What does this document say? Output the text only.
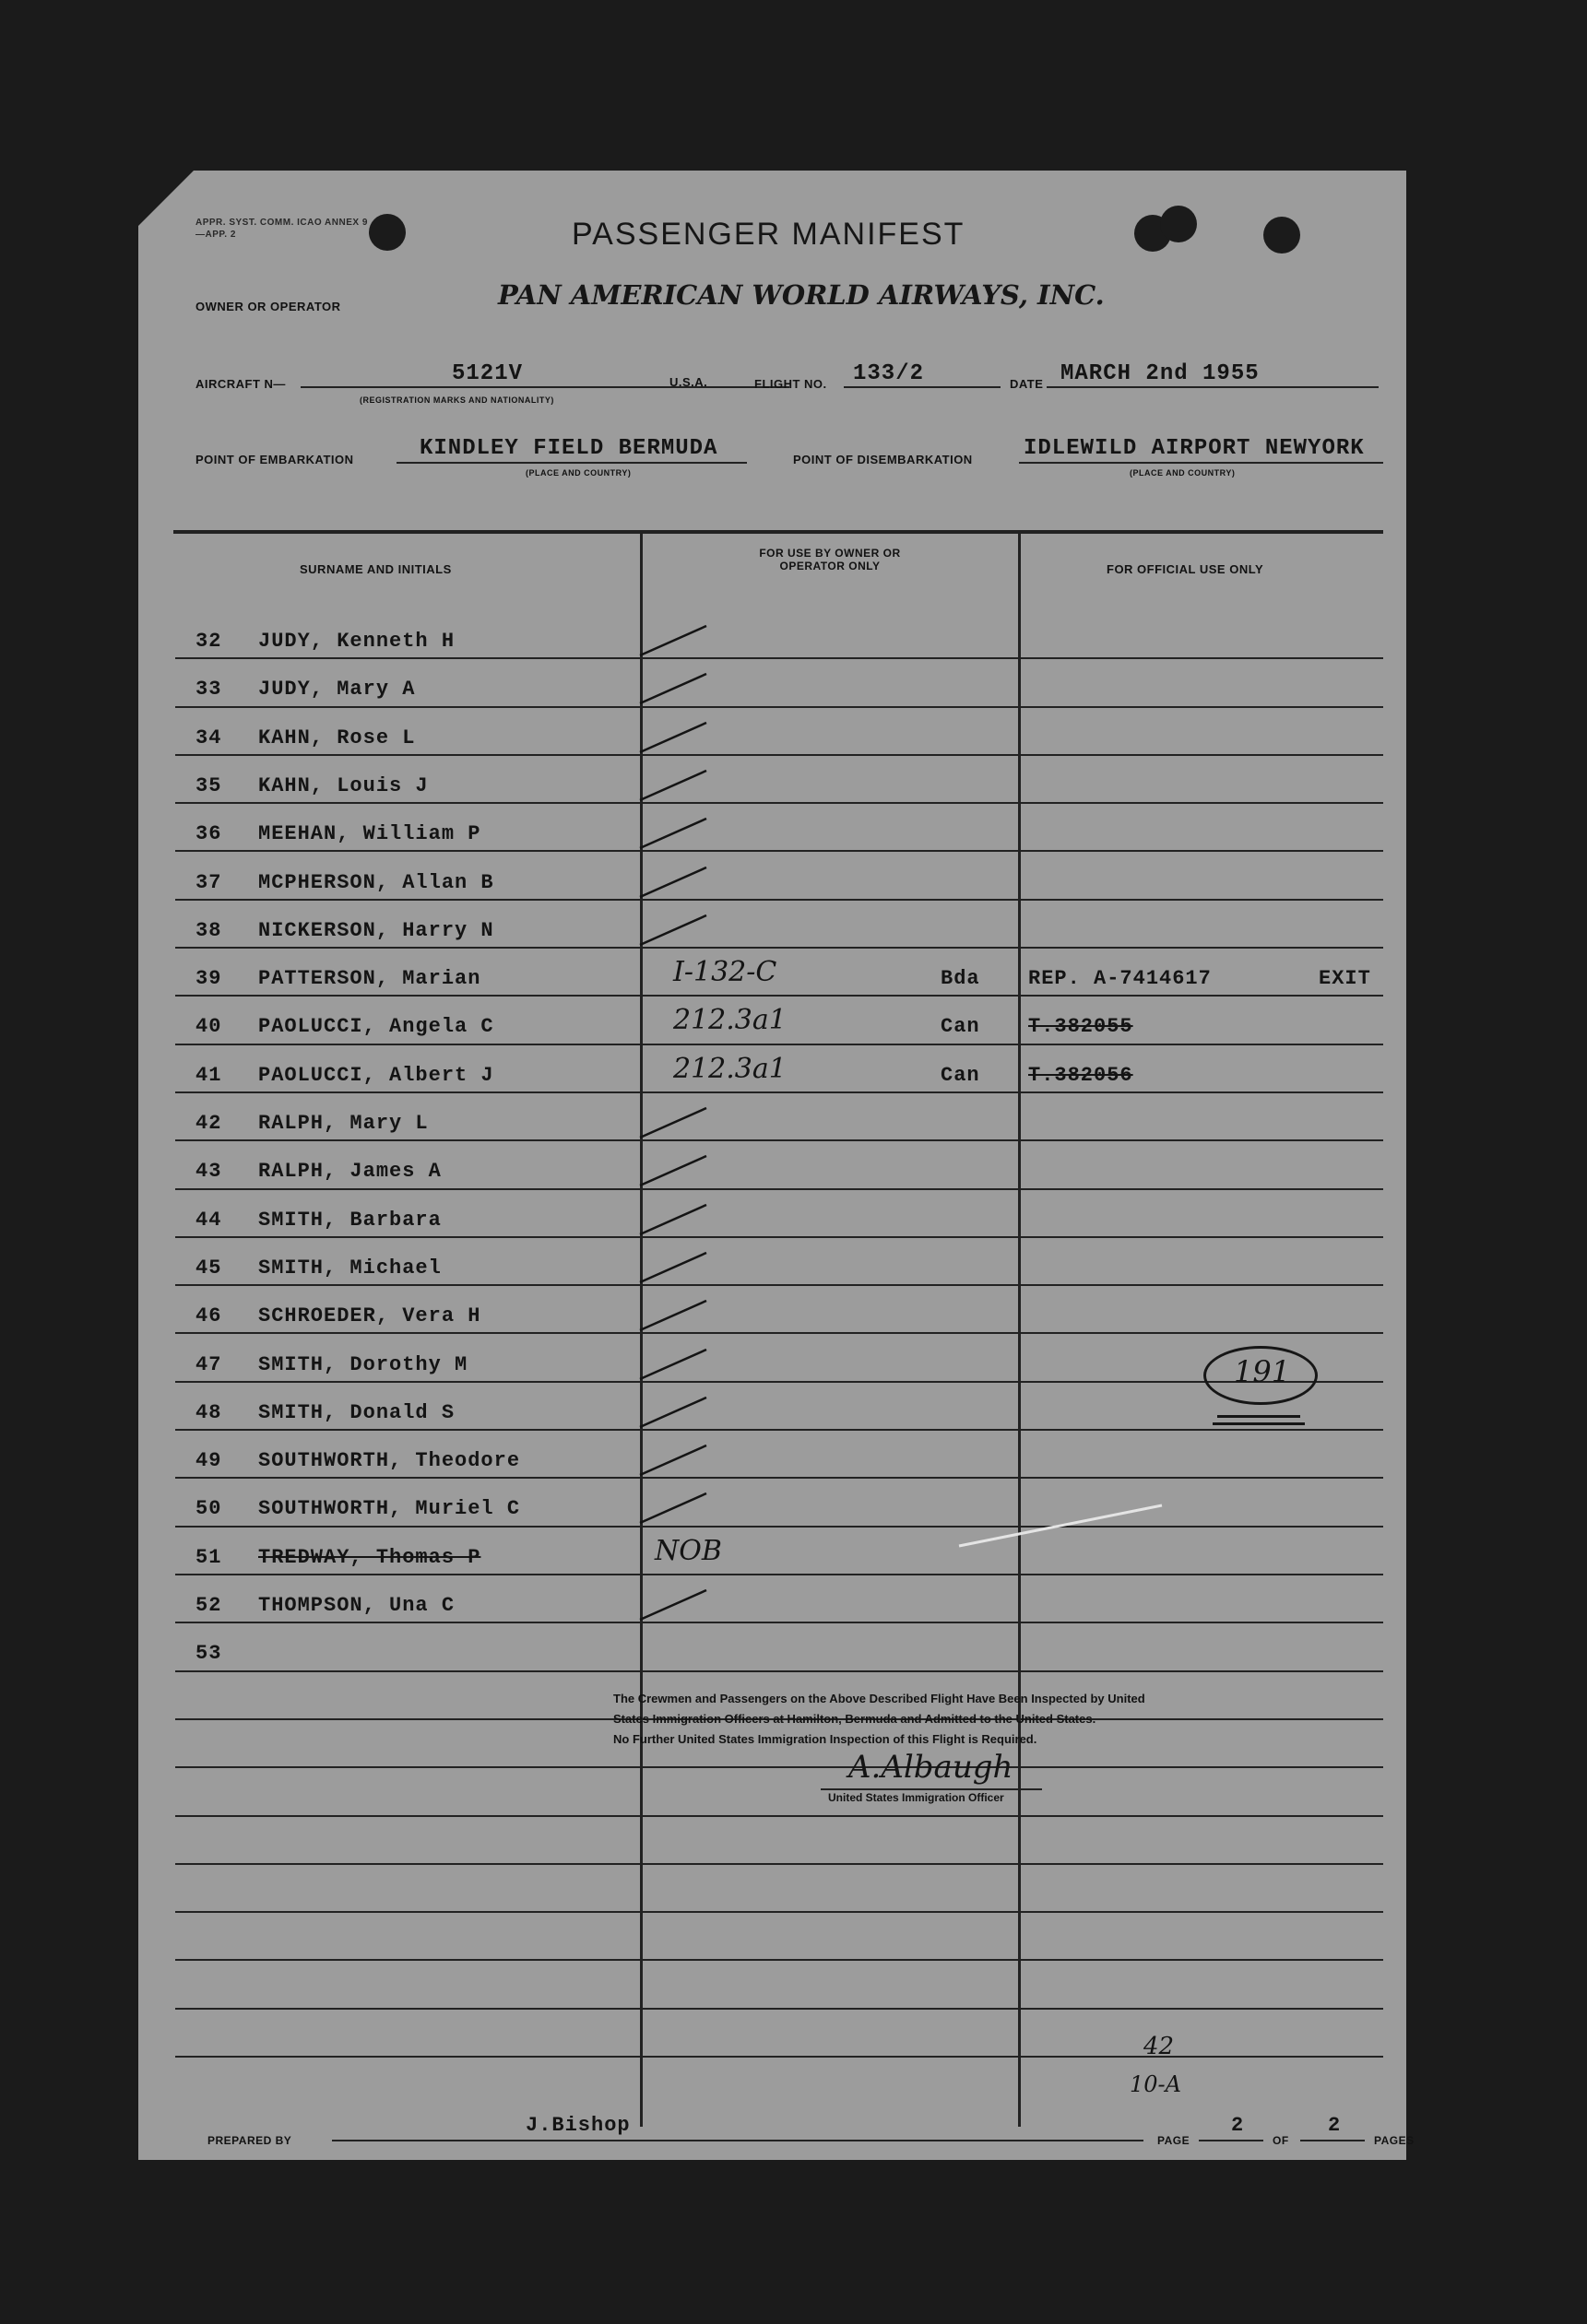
APPR. SYST. COMM. ICAO ANNEX 9—APP. 2	PASSENGER MANIFEST
OWNER OR OPERATOR	PAN AMERICAN WORLD AIRWAYS, INC.
AIRCRAFT N—	5121V
(REGISTRATION MARKS AND NATIONALITY)
U.S.A.	FLIGHT NO. 133/2	DATE MARCH 2nd 1955
POINT OF EMBARKATION	KINDLEY FIELD BERMUDA
(PLACE AND COUNTRY)
POINT OF DISEMBARKATION IDLEWILD AIRPORT NEWYORK
(PLACE AND COUNTRY)
SURNAME AND INITIALS
FOR USE BY OWNER OR OPERATOR ONLY	FOR OFFICIAL USE ONLY
32 JUDY, Kenneth H
33 JUDY, Mary A
34 KAHN, Rose L
35 KAHN, Louis J
36 MEEHAN, William P
37 MCPHERSON, Allan B
38 NICKERSON, Harry N
39 PATTERSON, Marian	I-132-C	Bda REP. A-7414617	EXIT
40 PAOLUCCI, Angela C	212.3a1	Can T.382055
41 PAOLUCCI, Albert J	212.3a1	Can T.382056
42 RALPH, Mary L
43 RALPH, James A
44 SMITH, Barbara
45 SMITH, Michael
46 SCHROEDER, Vera H
47 SMITH, Dorothy M
48 SMITH, Donald S
49 SOUTHWORTH, Theodore
50 SOUTHWORTH, Muriel C
51 TREDWAY, Thomas P	NOB
52 THOMPSON, Una C
53
191
42
10-A
The Crewmen and Passengers on the Above Described Flight Have Been Inspected by United
States Immigration Officers at Hamilton, Bermuda and Admitted to the United States.
No Further United States Immigration Inspection of this Flight is Required.
A.Albaugh
United States Immigration Officer
PREPARED BY
J.Bishop
PAGE
2
OF
2
PAGES
